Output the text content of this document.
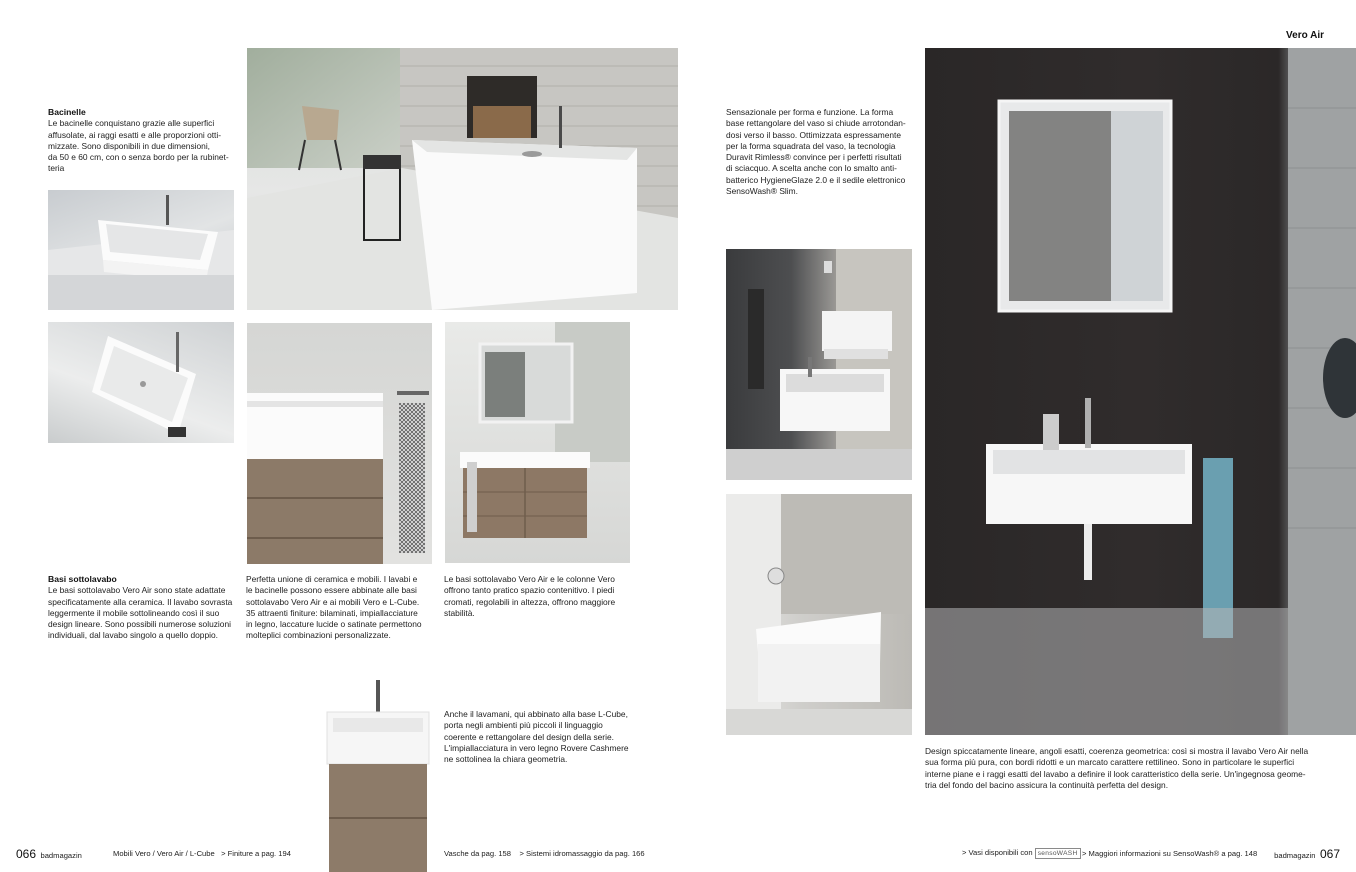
Vero Air
Bacinelle
Le bacinelle conquistano grazie alle superfici
affusolate, ai raggi esatti e alle proporzioni otti-
mizzate. Sono disponibili in due dimensioni,
da 50 e 60 cm, con o senza bordo per la rubinet-
teria
Basi sottolavabo
Le basi sottolavabo Vero Air sono state adattate
specificatamente alla ceramica. Il lavabo sovrasta
leggermente il mobile sottolineando così il suo
design lineare. Sono possibili numerose soluzioni
individuali, dal lavabo singolo a quello doppio.
Perfetta unione di ceramica e mobili. I lavabi e
le bacinelle possono essere abbinate alle basi
sottolavabo Vero Air e ai mobili Vero e L-Cube.
35 attraenti finiture: bilaminati, impiallacciature
in legno, laccature lucide o satinate permettono
molteplici combinazioni personalizzate.
Le basi sottolavabo Vero Air e le colonne Vero
offrono tanto pratico spazio contenitivo. I piedi
cromati, regolabili in altezza, offrono maggiore
stabilità.
Anche il lavamani, qui abbinato alla base L-Cube,
porta negli ambienti più piccoli il linguaggio
coerente e rettangolare del design della serie.
L'impiallacciatura in vero legno Rovere Cashmere
ne sottolinea la chiara geometria.
Sensazionale per forma e funzione. La forma
base rettangolare del vaso si chiude arrotondan-
dosi verso il basso. Ottimizzata espressamente
per la forma squadrata del vaso, la tecnologia
Duravit Rimless® convince per i perfetti risultati
di sciacquo. A scelta anche con lo smalto anti-
batterico HygieneGlaze 2.0 e il sedile elettronico
SensoWash® Slim.
Design spiccatamente lineare, angoli esatti, coerenza geometrica: così si mostra il lavabo Vero Air nella
sua forma più pura, con bordi ridotti e un marcato carattere rettilineo. Sono in particolare le superfici
interne piane e i raggi esatti del lavabo a definire il look caratteristico della serie. Un'ingegnosa geome-
tria del fondo del bacino assicura la continuità perfetta del design.
066 badmagazin	Mobili Vero / Vero Air / L-Cube > Finiture a pag. 194	Vasche da pag. 158 > Sistemi idromassaggio da pag. 166	> Vasi disponibili con sensoWASH > Maggiori informazioni su SensoWash® a pag. 148 badmagazin 067
